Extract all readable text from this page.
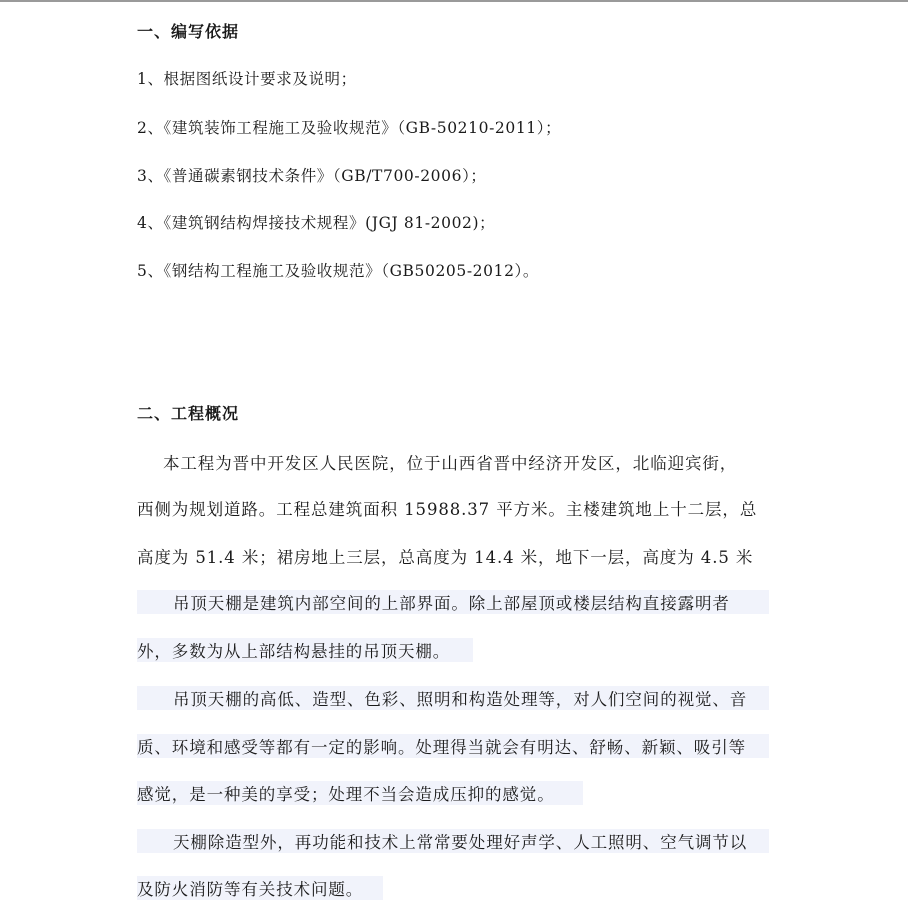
一、编写依据
1、根据图纸设计要求及说明；
2、《建筑装饰工程施工及验收规范》（GB-50210-2011）；
3、《普通碳素钢技术条件》（GB/T700-2006）；
4、《建筑钢结构焊接技术规程》(JGJ 81-2002)；
5、《钢结构工程施工及验收规范》（GB50205-2012）。
二、工程概况
本工程为晋中开发区人民医院，位于山西省晋中经济开发区，北临迎宾街，
西侧为规划道路。工程总建筑面积 15988.37 平方米。主楼建筑地上十二层，总
高度为 51.4 米；裙房地上三层，总高度为 14.4 米，地下一层，高度为 4.5 米
吊顶天棚是建筑内部空间的上部界面。除上部屋顶或楼层结构直接露明者
外，多数为从上部结构悬挂的吊顶天棚。
吊顶天棚的高低、造型、色彩、照明和构造处理等，对人们空间的视觉、音
质、环境和感受等都有一定的影响。处理得当就会有明达、舒畅、新颖、吸引等
感觉，是一种美的享受；处理不当会造成压抑的感觉。
天棚除造型外，再功能和技术上常常要处理好声学、人工照明、空气调节以
及防火消防等有关技术问题。
